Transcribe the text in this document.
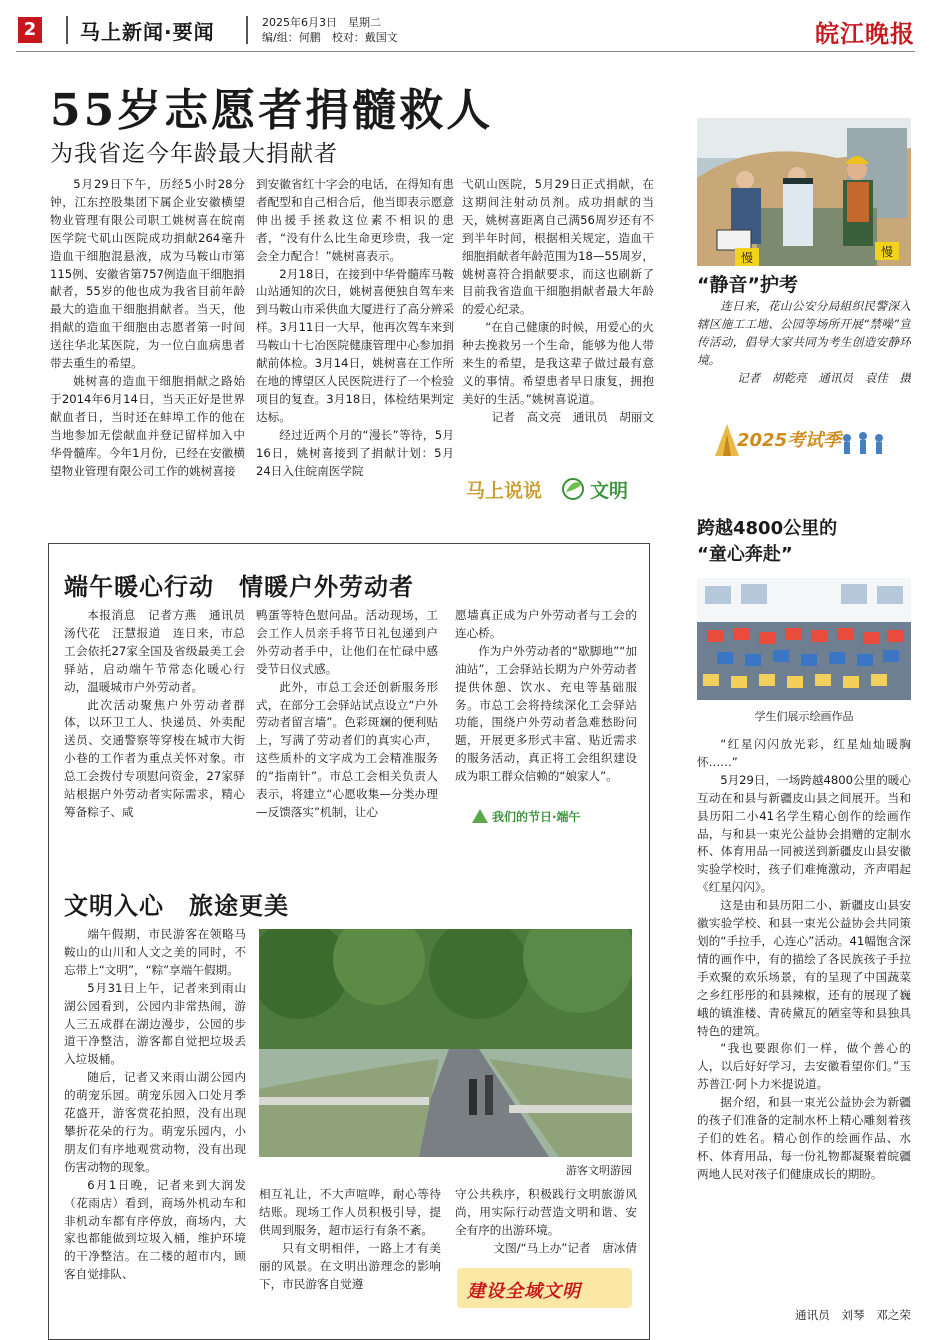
2 马上新闻·要闻	2025年6月3日　星期二
编/组：何鹏　校对：戴国文	皖江晚报
55岁志愿者捐髓救人
为我省迄今年龄最大捐献者

5月29日下午，历经5小时28分钟，江东控股集团下属企业安徽横望物业管理有限公司职工姚树喜在皖南医学院弋矶山医院成功捐献264毫升造血干细胞混悬液，成为马鞍山市第115例、安徽省第757例造血干细胞捐献者，55岁的他也成为我省目前年龄最大的造血干细胞捐献者。当天，他捐献的造血干细胞由志愿者第一时间送往华北某医院，为一位白血病患者带去重生的希望。

姚树喜的造血干细胞捐献之路始于2014年6月14日，当天正好是世界献血者日，当时还在蚌埠工作的他在当地参加无偿献血并登记留样加入中华骨髓库。今年1月份，已经在安徽横望物业管理有限公司工作的姚树喜接

到安徽省红十字会的电话，在得知有患者配型和自己相合后，他当即表示愿意伸出援手拯救这位素不相识的患者，“没有什么比生命更珍贵，我一定会全力配合！”姚树喜表示。

2月18日，在接到中华骨髓库马鞍山站通知的次日，姚树喜便独自驾车来到马鞍山市采供血大厦进行了高分辨采样。3月11日一大早，他再次驾车来到马鞍山十七冶医院健康管理中心参加捐献前体检。3月14日，姚树喜在工作所在地的博望区人民医院进行了一个检验项目的复查。3月18日，体检结果判定达标。

经过近两个月的“漫长”等待，5月16日，姚树喜接到了捐献计划：5月24日入住皖南医学院

弋矶山医院，5月29日正式捐献，在这期间注射动员剂。成功捐献的当天，姚树喜距离自己满56周岁还有不到半年时间，根据相关规定，造血干细胞捐献者年龄范围为18—55周岁，姚树喜符合捐献要求，而这也刷新了目前我省造血干细胞捐献者最大年龄的爱心纪录。

“在自己健康的时候，用爱心的火种去挽救另一个生命，能够为他人带来生的希望，是我这辈子做过最有意义的事情。希望患者早日康复，拥抱美好的生活。”姚树喜说道。

记者　高文亮　通讯员　胡丽文

马上说说	文明
慢	慢
“静音”护考

连日来，花山公安分局組织民警深入辖区施工工地、公园等场所开展“禁噪”宣传活动，倡导大家共同为考生创造安静环境。

记者　胡乾亮　通讯员　袁佳　摄

2025考试季
跨越4800公里的
“童心奔赴”
学生们展示绘画作品

“红星闪闪放光彩，红星灿灿暖胸怀……”

5月29日，一场跨越4800公里的暖心互动在和县与新疆皮山县之间展开。当和县历阳二小41名学生精心创作的绘画作品，与和县一束光公益协会捐赠的定制水杯、体育用品一同被送到新疆皮山县安徽实验学校时，孩子们难掩激动，齐声唱起《红星闪闪》。

这是由和县历阳二小、新疆皮山县安徽实验学校、和县一束光公益协会共同策划的“手拉手，心连心”活动。41幅饱含深情的画作中，有的描绘了各民族孩子手拉手欢聚的欢乐场景，有的呈现了中国蔬菜之乡红彤彤的和县辣椒，还有的展现了巍峨的镇淮楼、青砖黛瓦的陋室等和县独具特色的建筑。

“我也要跟你们一样，做个善心的人，以后好好学习，去安徽看望你们。”玉苏普江·阿卜力米提说道。

据介绍，和县一束光公益协会为新疆的孩子们准备的定制水杯上精心雕刻着孩子们的姓名。精心创作的绘画作品、水杯、体育用品，每一份礼物都凝聚着皖疆两地人民对孩子们健康成长的期盼。

通讯员　刘琴　邓之荣
端午暖心行动　情暖户外劳动者

本报消息　记者方燕　通讯员汤代花　汪慧报道　连日来，市总工会依托27家全国及省级最美工会驿站，启动端午节常态化暖心行动，温暖城市户外劳动者。

此次活动聚焦户外劳动者群体，以环卫工人、快递员、外卖配送员、交通警察等穿梭在城市大街小巷的工作者为重点关怀对象。市总工会拨付专项慰问资金，27家驿站根据户外劳动者实际需求，精心筹备粽子、咸

鸭蛋等特色慰问品。活动现场，工会工作人员亲手将节日礼包递到户外劳动者手中，让他们在忙碌中感受节日仪式感。

此外，市总工会还创新服务形式，在部分工会驿站试点设立“户外劳动者留言墙”。色彩斑斓的便利贴上，写满了劳动者们的真实心声，这些质朴的文字成为工会精准服务的“指南针”。市总工会相关负责人表示，将建立“心愿收集—分类办理—反馈落实”机制，让心

愿墙真正成为户外劳动者与工会的连心桥。

作为户外劳动者的“歇脚地”“加油站”，工会驿站长期为户外劳动者提供休憩、饮水、充电等基础服务。市总工会将持续深化工会驿站功能，围绕户外劳动者急难愁盼问题，开展更多形式丰富、贴近需求的服务活动，真正将工会组织建设成为职工群众信赖的“娘家人”。

我们的节日·端午
文明入心　旅途更美

端午假期，市民游客在领略马鞍山的山川和人文之美的同时，不忘带上“文明”，“粽”享端午假期。

5月31日上午，记者来到雨山湖公园看到，公园内非常热闹，游人三五成群在湖边漫步，公园的步道干净整洁，游客都自觉把垃圾丢入垃圾桶。

随后，记者又来雨山湖公园内的萌宠乐园。萌宠乐园入口处月季花盛开，游客赏花拍照，没有出现攀折花朵的行为。萌宠乐园内，小朋友们有序地观赏动物，没有出现伤害动物的现象。

6月1日晚，记者来到大润发（花雨店）看到，商场外机动车和非机动车都有序停放，商场内，大家也都能做到垃圾入桶，维护环境的干净整洁。在二楼的超市内，顾客自觉排队、

游客文明游园

相互礼让，不大声喧哗，耐心等待结账。现场工作人员积极引导，提供周到服务，超市运行有条不紊。

只有文明相伴，一路上才有美丽的风景。在文明出游理念的影响下，市民游客自觉遵

守公共秩序，积极践行文明旅游风尚，用实际行动营造文明和谐、安全有序的出游环境。

文图/“马上办”记者　唐冰倩

建设全域文明
